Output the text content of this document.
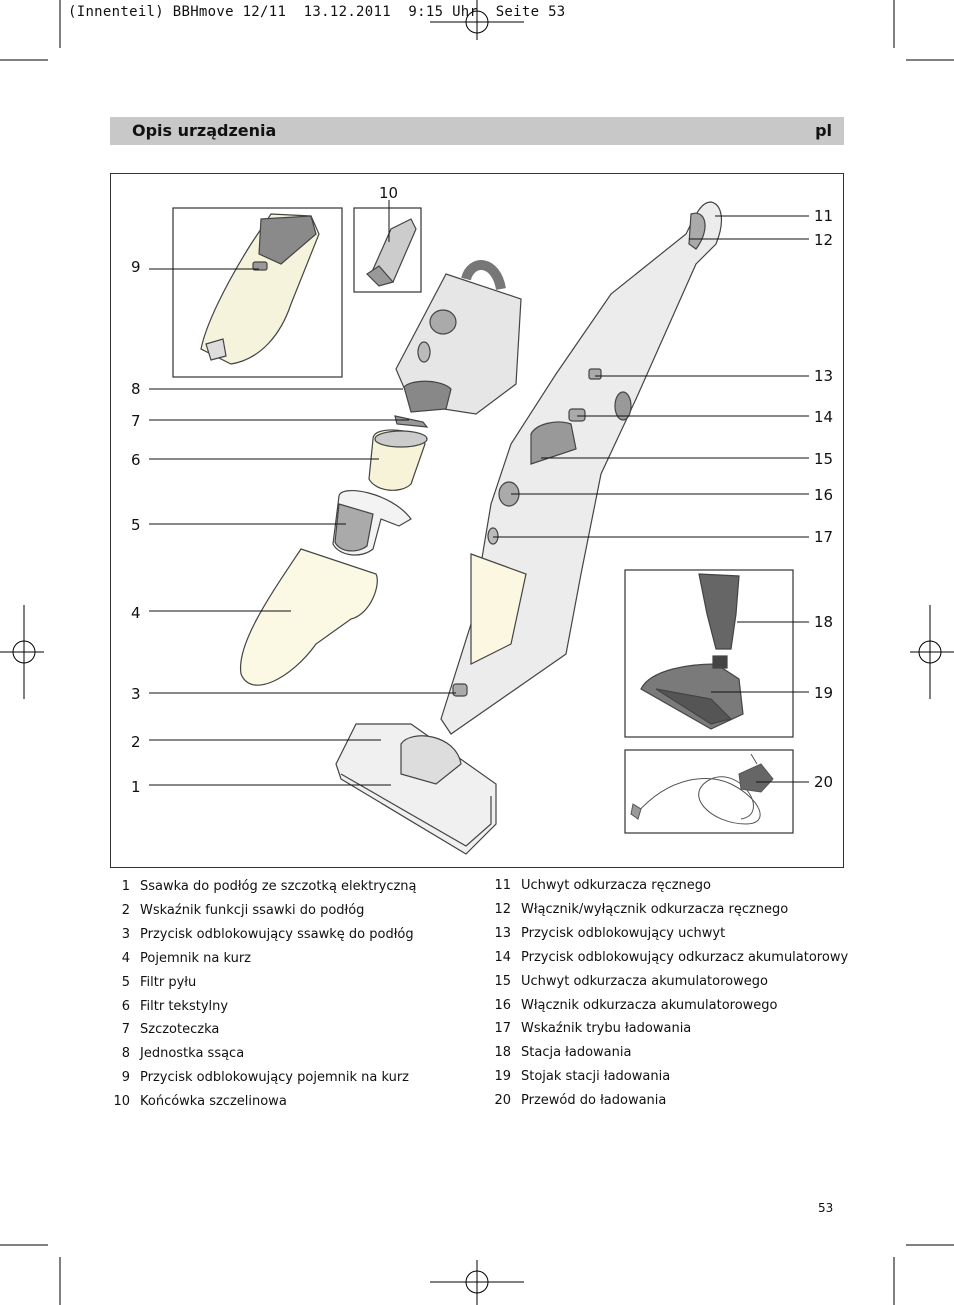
(Innenteil) BBHmove 12/11  13.12.2011  9:15 Uhr  Seite 53
Opis urządzenia	pl
10
9
8
7
6
5
4
3
2
1
11
12
13
14
15
16
17
18
19
20
1 Ssawka do podłóg ze szczotką elektryczną
2 Wskaźnik funkcji ssawki do podłóg
3 Przycisk odblokowujący ssawkę do podłóg
4 Pojemnik na kurz
5 Filtr pyłu
6 Filtr tekstylny
7 Szczoteczka
8 Jednostka ssąca
9 Przycisk odblokowujący pojemnik na kurz
10 Końcówka szczelinowa
11 Uchwyt odkurzacza ręcznego
12 Włącznik/wyłącznik odkurzacza ręcznego
13 Przycisk odblokowujący uchwyt
14 Przycisk odblokowujący odkurzacz akumulatorowy
15 Uchwyt odkurzacza akumulatorowego
16 Włącznik odkurzacza akumulatorowego
17 Wskaźnik trybu ładowania
18 Stacja ładowania
19 Stojak stacji ładowania
20 Przewód do ładowania
53
